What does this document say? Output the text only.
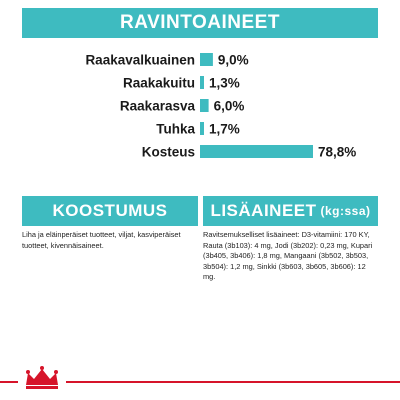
RAVINTOAINEET
Raakavalkuainen 9,0%
Raakakuitu 1,3%
Raakarasva 6,0%
Tuhka 1,7%
Kosteus	78,8%
KOOSTUMUS	LISÄAINEET (kg:ssa)
Liha ja eläinperäiset tuotteet, viljat, kasviperäiset tuotteet, kivennäisaineet.
Ravitsemukselliset lisäaineet: D3-vitamiini: 170 KY, Rauta (3b103): 4 mg, Jodi (3b202): 0,23 mg, Kupari (3b405, 3b406): 1,8 mg, Mangaani (3b502, 3b503, 3b504): 1,2 mg, Sinkki (3b603, 3b605, 3b606): 12 mg.
